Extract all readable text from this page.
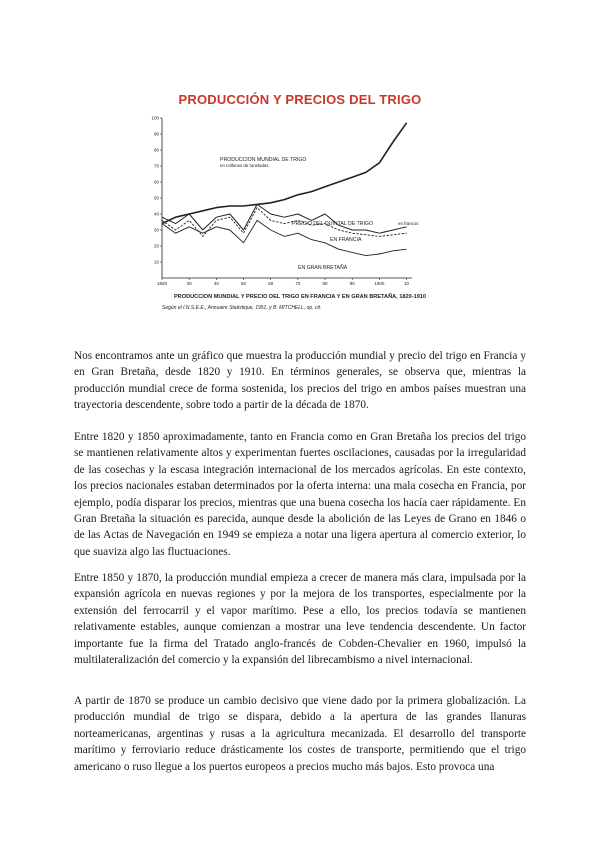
PRODUCCIÓN Y PRECIOS DEL TRIGO
10
20
30
40
50
60
70
80
90
100
1820	30	40	50	60	70	80	90	1900	10
PRODUCCION MUNDIAL DE TRIGO
en millones de toneladas
PRECIO DEL QUINTAL DE TRIGO	en francos
EN FRANCIA
EN GRAN BRETAÑA
PRODUCCION MUNDIAL Y PRECIO DEL TRIGO EN FRANCIA Y EN GRAN BRETAÑA, 1820-1910
Según el I.N.S.E.E., Annuaire Statistique, 1951, y B. MITCHELL, op. cit.

Nos encontramos ante un gráfico que muestra la producción mundial y precio del trigo en Francia y en Gran Bretaña, desde 1820 y 1910. En términos generales, se observa que, mientras la producción mundial crece de forma sostenida, los precios del trigo en ambos países muestran una trayectoria descendente, sobre todo a partir de la década de 1870.

Entre 1820 y 1850 aproximadamente, tanto en Francia como en Gran Bretaña los precios del trigo se mantienen relativamente altos y experimentan fuertes oscilaciones, causadas por la irregularidad de las cosechas y la escasa integración internacional de los mercados agrícolas. En este contexto, los precios nacionales estaban determinados por la oferta interna: una mala cosecha en Francia, por ejemplo, podía disparar los precios, mientras que una buena cosecha los hacía caer rápidamente. En Gran Bretaña la situación es parecida, aunque desde la abolición de las Leyes de Grano en 1846 o de las Actas de Navegación en 1949 se empieza a notar una ligera apertura al comercio exterior, lo que suaviza algo las fluctuaciones.

Entre 1850 y 1870, la producción mundial empieza a crecer de manera más clara, impulsada por la expansión agrícola en nuevas regiones y por la mejora de los transportes, especialmente por la extensión del ferrocarril y el vapor marítimo. Pese a ello, los precios todavía se mantienen relativamente estables, aunque comienzan a mostrar una leve tendencia descendente. Un factor importante fue la firma del Tratado anglo-francés de Cobden-Chevalier en 1960, impulsó la multilateralización del comercio y la expansión del librecambismo a nivel internacional.

A partir de 1870 se produce un cambio decisivo que viene dado por la primera globalización. La producción mundial de trigo se dispara, debido a la apertura de las grandes llanuras norteamericanas, argentinas y rusas a la agricultura mecanizada. El desarrollo del transporte marítimo y ferroviario reduce drásticamente los costes de transporte, permitiendo que el trigo americano o ruso llegue a los puertos europeos a precios mucho más bajos. Esto provoca una
